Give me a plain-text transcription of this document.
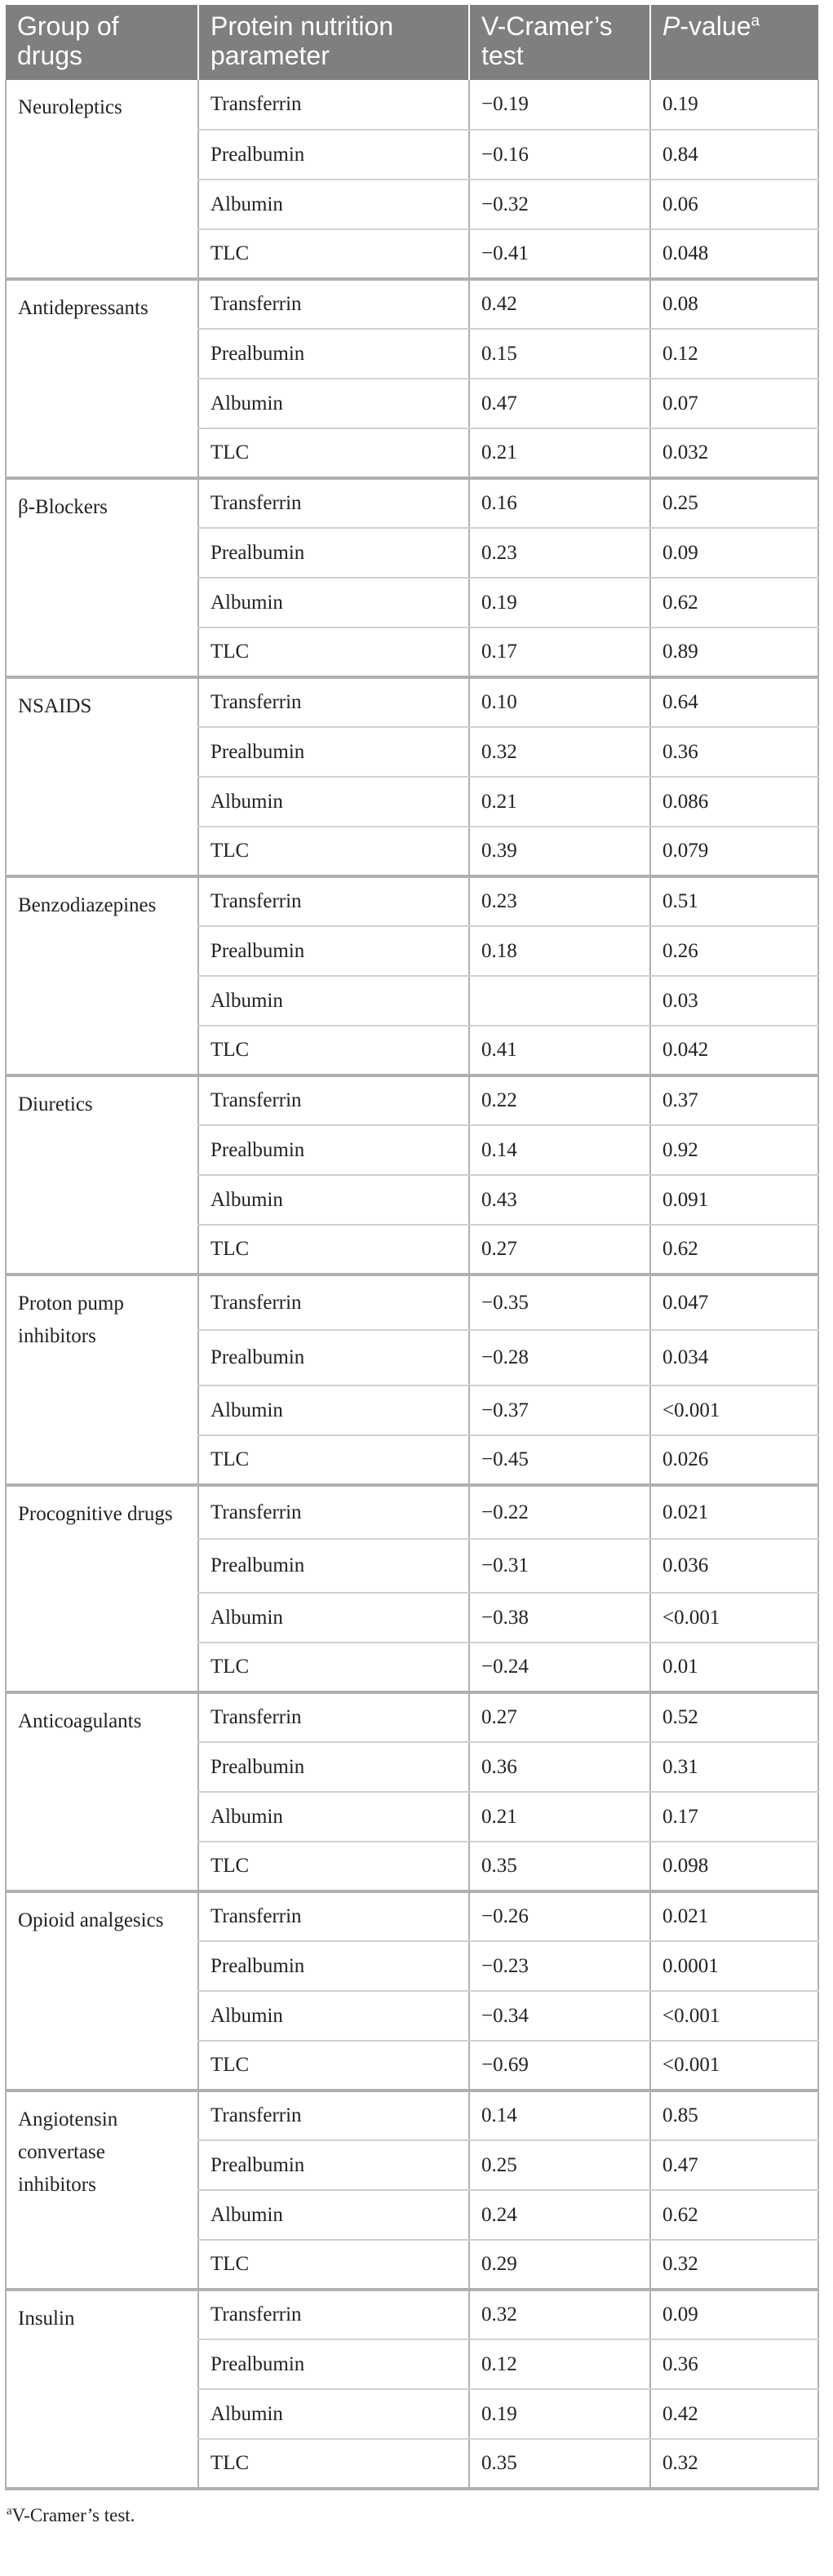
Group of drugs	Protein nutrition parameter	V-Cramer’s test	P-value$^a$
Neuroleptics	Transferrin	−0.19	0.19
	Prealbumin	−0.16	0.84
	Albumin	−0.32	0.06
	TLC	−0.41	0.048
Antidepressants	Transferrin	0.42	0.08
	Prealbumin	0.15	0.12
	Albumin	0.47	0.07
	TLC	0.21	0.032
β-Blockers	Transferrin	0.16	0.25
	Prealbumin	0.23	0.09
	Albumin	0.19	0.62
	TLC	0.17	0.89
NSAIDS	Transferrin	0.10	0.64
	Prealbumin	0.32	0.36
	Albumin	0.21	0.086
	TLC	0.39	0.079
Benzodiazepines	Transferrin	0.23	0.51
	Prealbumin	0.18	0.26
	Albumin		0.03
	TLC	0.41	0.042
Diuretics	Transferrin	0.22	0.37
	Prealbumin	0.14	0.92
	Albumin	0.43	0.091
	TLC	0.27	0.62
Proton pump inhibitors	Transferrin	−0.35	0.047
	Prealbumin	−0.28	0.034
	Albumin	−0.37	<0.001
	TLC	−0.45	0.026
Procognitive drugs	Transferrin	−0.22	0.021
	Prealbumin	−0.31	0.036
	Albumin	−0.38	<0.001
	TLC	−0.24	0.01
Anticoagulants	Transferrin	0.27	0.52
	Prealbumin	0.36	0.31
	Albumin	0.21	0.17
	TLC	0.35	0.098
Opioid analgesics	Transferrin	−0.26	0.021
	Prealbumin	−0.23	0.0001
	Albumin	−0.34	<0.001
	TLC	−0.69	<0.001
Angiotensin convertase inhibitors	Transferrin	0.14	0.85
	Prealbumin	0.25	0.47
	Albumin	0.24	0.62
	TLC	0.29	0.32
Insulin	Transferrin	0.32	0.09
	Prealbumin	0.12	0.36
	Albumin	0.19	0.42
	TLC	0.35	0.32
$^a$V-Cramer’s test.
